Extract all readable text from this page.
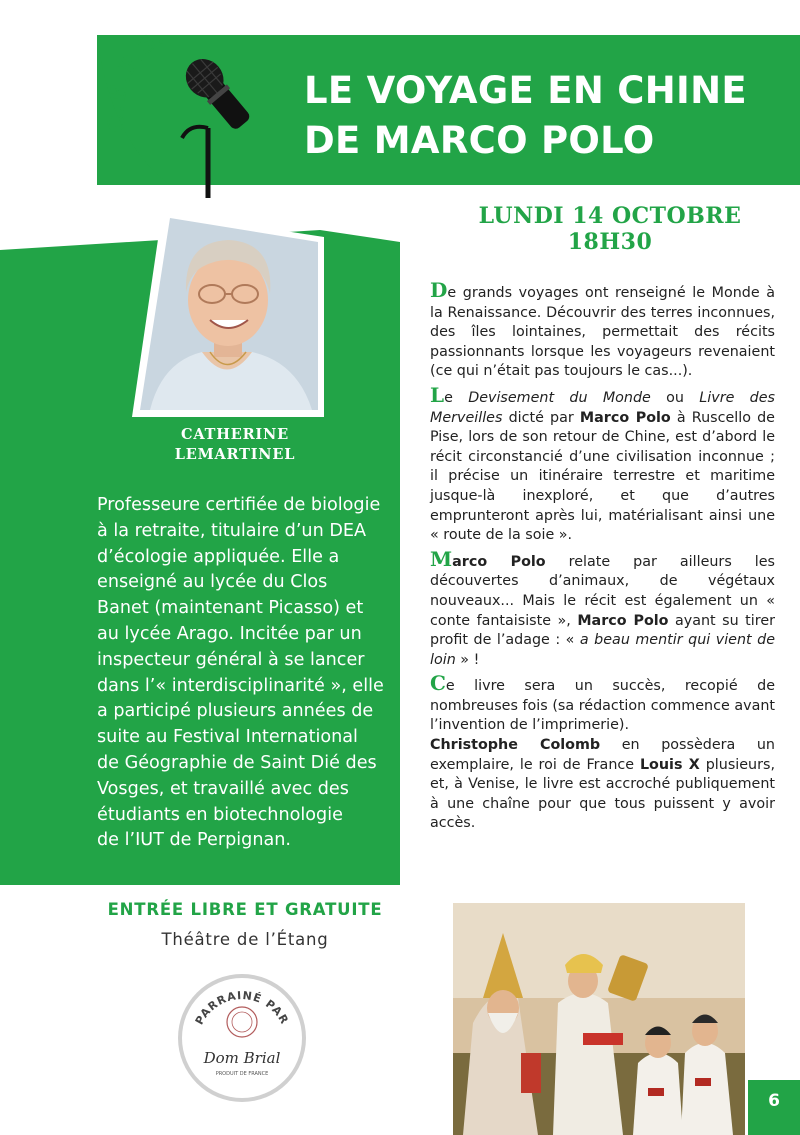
C.E.P.S.
LE VOYAGE EN CHINE
DE MARCO POLO
LUNDI 14 OCTOBRE
18H30
CATHERINE
LEMARTINEL
Professeure certifiée de biologie
à la retraite, titulaire d’un DEA
d’écologie appliquée. Elle a
enseigné au lycée du Clos
Banet (maintenant Picasso) et
au lycée Arago. Incitée par un
inspecteur général à se lancer
dans l’« interdisciplinarité », elle
a participé plusieurs années de
suite au Festival International
de Géographie de Saint Dié des
Vosges, et travaillé avec des
étudiants en biotechnologie
de l’IUT de Perpignan.

De grands voyages ont renseigné le Monde à la Renaissance. Découvrir des terres inconnues, des îles lointaines, permettait des récits passionnants lorsque les voyageurs revenaient (ce qui n’était pas toujours le cas...).

Le Devisement du Monde ou Livre des Merveilles dicté par Marco Polo à Ruscello de Pise, lors de son retour de Chine, est d’abord le récit circonstancié d’une civilisation inconnue ; il précise un itinéraire terrestre et maritime jusque-là inexploré, et que d’autres emprunteront après lui, matérialisant ainsi une « route de la soie ».

Marco Polo relate par ailleurs les découvertes d’animaux, de végétaux nouveaux... Mais le récit est également un « conte fantaisiste », Marco Polo ayant su tirer profit de l’adage : « a beau mentir qui vient de loin » !

Ce livre sera un succès, recopié de nombreuses fois (sa rédaction commence avant l’invention de l’imprimerie).

Christophe Colomb en possèdera un exemplaire, le roi de France Louis X plusieurs, et, à Venise, le livre est accroché publiquement à une chaîne pour que tous puissent y avoir accès.

ENTRÉE LIBRE ET GRATUITE
Théâtre de l’Étang
PARRAINÉ PAR
Dom Brial
PRODUIT DE FRANCE
6
